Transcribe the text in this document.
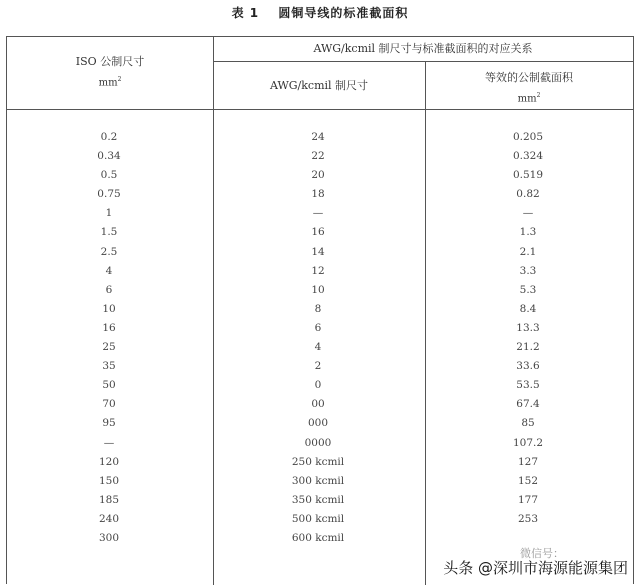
表 1 圆铜导线的标准截面积
ISO 公制尺寸
$mm^2$
AWG/kcmil 制尺寸与标准截面积的对应关系
AWG/kcmil 制尺寸
等效的公制截面积
$mm^2$
0.2
0.34
0.5
0.75
1
1.5
2.5
4
6
10
16
25
35
50
70
95
—
120
150
185
240
300
24
22
20
18
—
16
14
12
10
8
6
4
2
0
00
000
0000
250 kcmil
300 kcmil
350 kcmil
500 kcmil
600 kcmil
0.205
0.324
0.519
0.82
—
1.3
2.1
3.3
5.3
8.4
13.3
21.2
33.6
53.5
67.4
85
107.2
127
152
177
253
微信号：
头条 @深圳市海源能源集团
